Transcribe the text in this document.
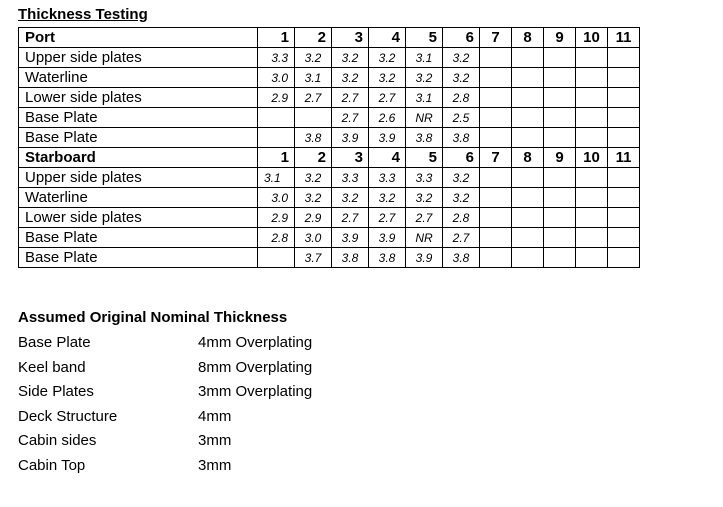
Thickness Testing
Port	1	2	3	4	5	6	7	8	9	10	11
Upper side plates	3.3	3.2	3.2	3.2	3.1	3.2					
Waterline	3.0	3.1	3.2	3.2	3.2	3.2					
Lower side plates	2.9	2.7	2.7	2.7	3.1	2.8					
Base Plate			2.7	2.6	NR	2.5					
Base Plate		3.8	3.9	3.9	3.8	3.8					
Starboard	1	2	3	4	5	6	7	8	9	10	11
Upper side plates	3.1	3.2	3.3	3.3	3.3	3.2					
Waterline	3.0	3.2	3.2	3.2	3.2	3.2					
Lower side plates	2.9	2.9	2.7	2.7	2.7	2.8					
Base Plate	2.8	3.0	3.9	3.9	NR	2.7					
Base Plate		3.7	3.8	3.8	3.9	3.8					
Assumed Original Nominal Thickness
Base Plate	4mm Overplating
Keel band	8mm Overplating
Side Plates	3mm Overplating
Deck Structure	4mm
Cabin sides	3mm
Cabin Top	3mm
